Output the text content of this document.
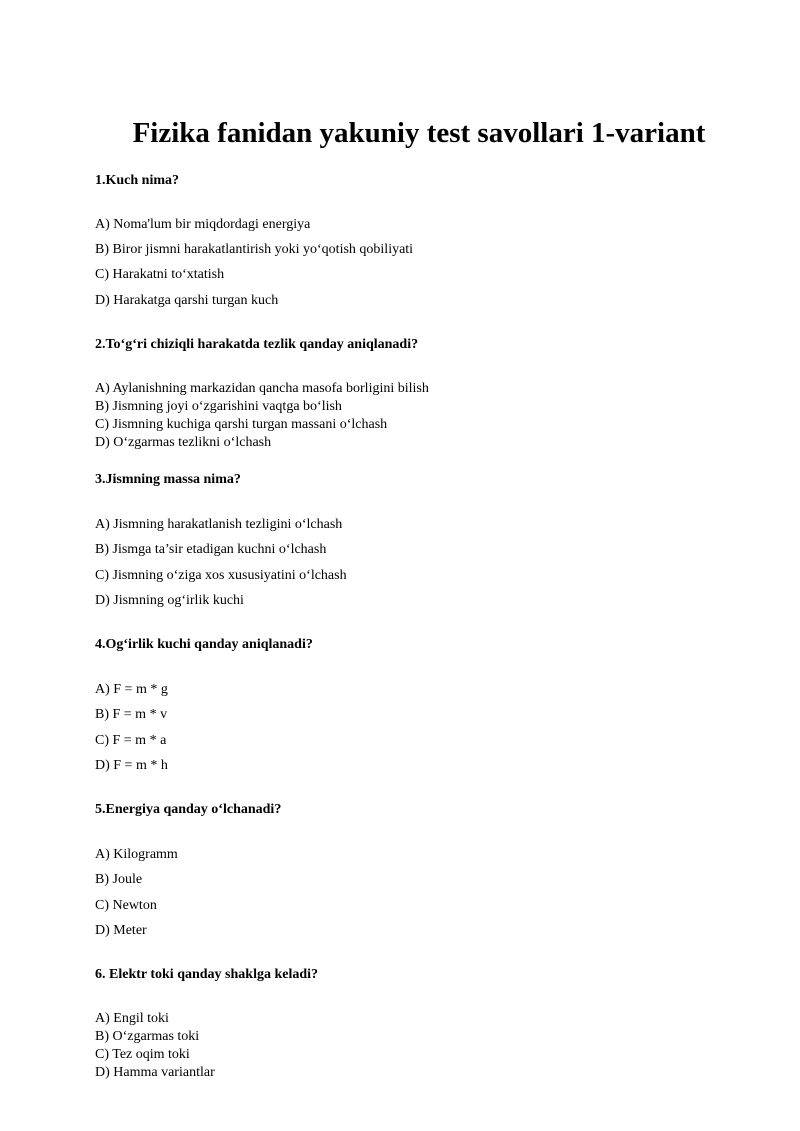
Fizika fanidan yakuniy test savollari 1-variant
1.Kuch nima?
A) Noma'lum bir miqdordagi energiya
B) Biror jismni harakatlantirish yoki yo‘qotish qobiliyati
C) Harakatni to‘xtatish
D) Harakatga qarshi turgan kuch
2.To‘g‘ri chiziqli harakatda tezlik qanday aniqlanadi?
A) Aylanishning markazidan qancha masofa borligini bilish
B) Jismning joyi o‘zgarishini vaqtga bo‘lish
C) Jismning kuchiga qarshi turgan massani o‘lchash
D) O‘zgarmas tezlikni o‘lchash
3.Jismning massa nima?
A) Jismning harakatlanish tezligini o‘lchash
B) Jismga ta’sir etadigan kuchni o‘lchash
C) Jismning o‘ziga xos xususiyatini o‘lchash
D) Jismning og‘irlik kuchi
4.Og‘irlik kuchi qanday aniqlanadi?
A) F = m * g
B) F = m * v
C) F = m * a
D) F = m * h
5.Energiya qanday o‘lchanadi?
A) Kilogramm
B) Joule
C) Newton
D) Meter
6. Elektr toki qanday shaklga keladi?
A) Engil toki
B) O‘zgarmas toki
C) Tez oqim toki
D) Hamma variantlar
